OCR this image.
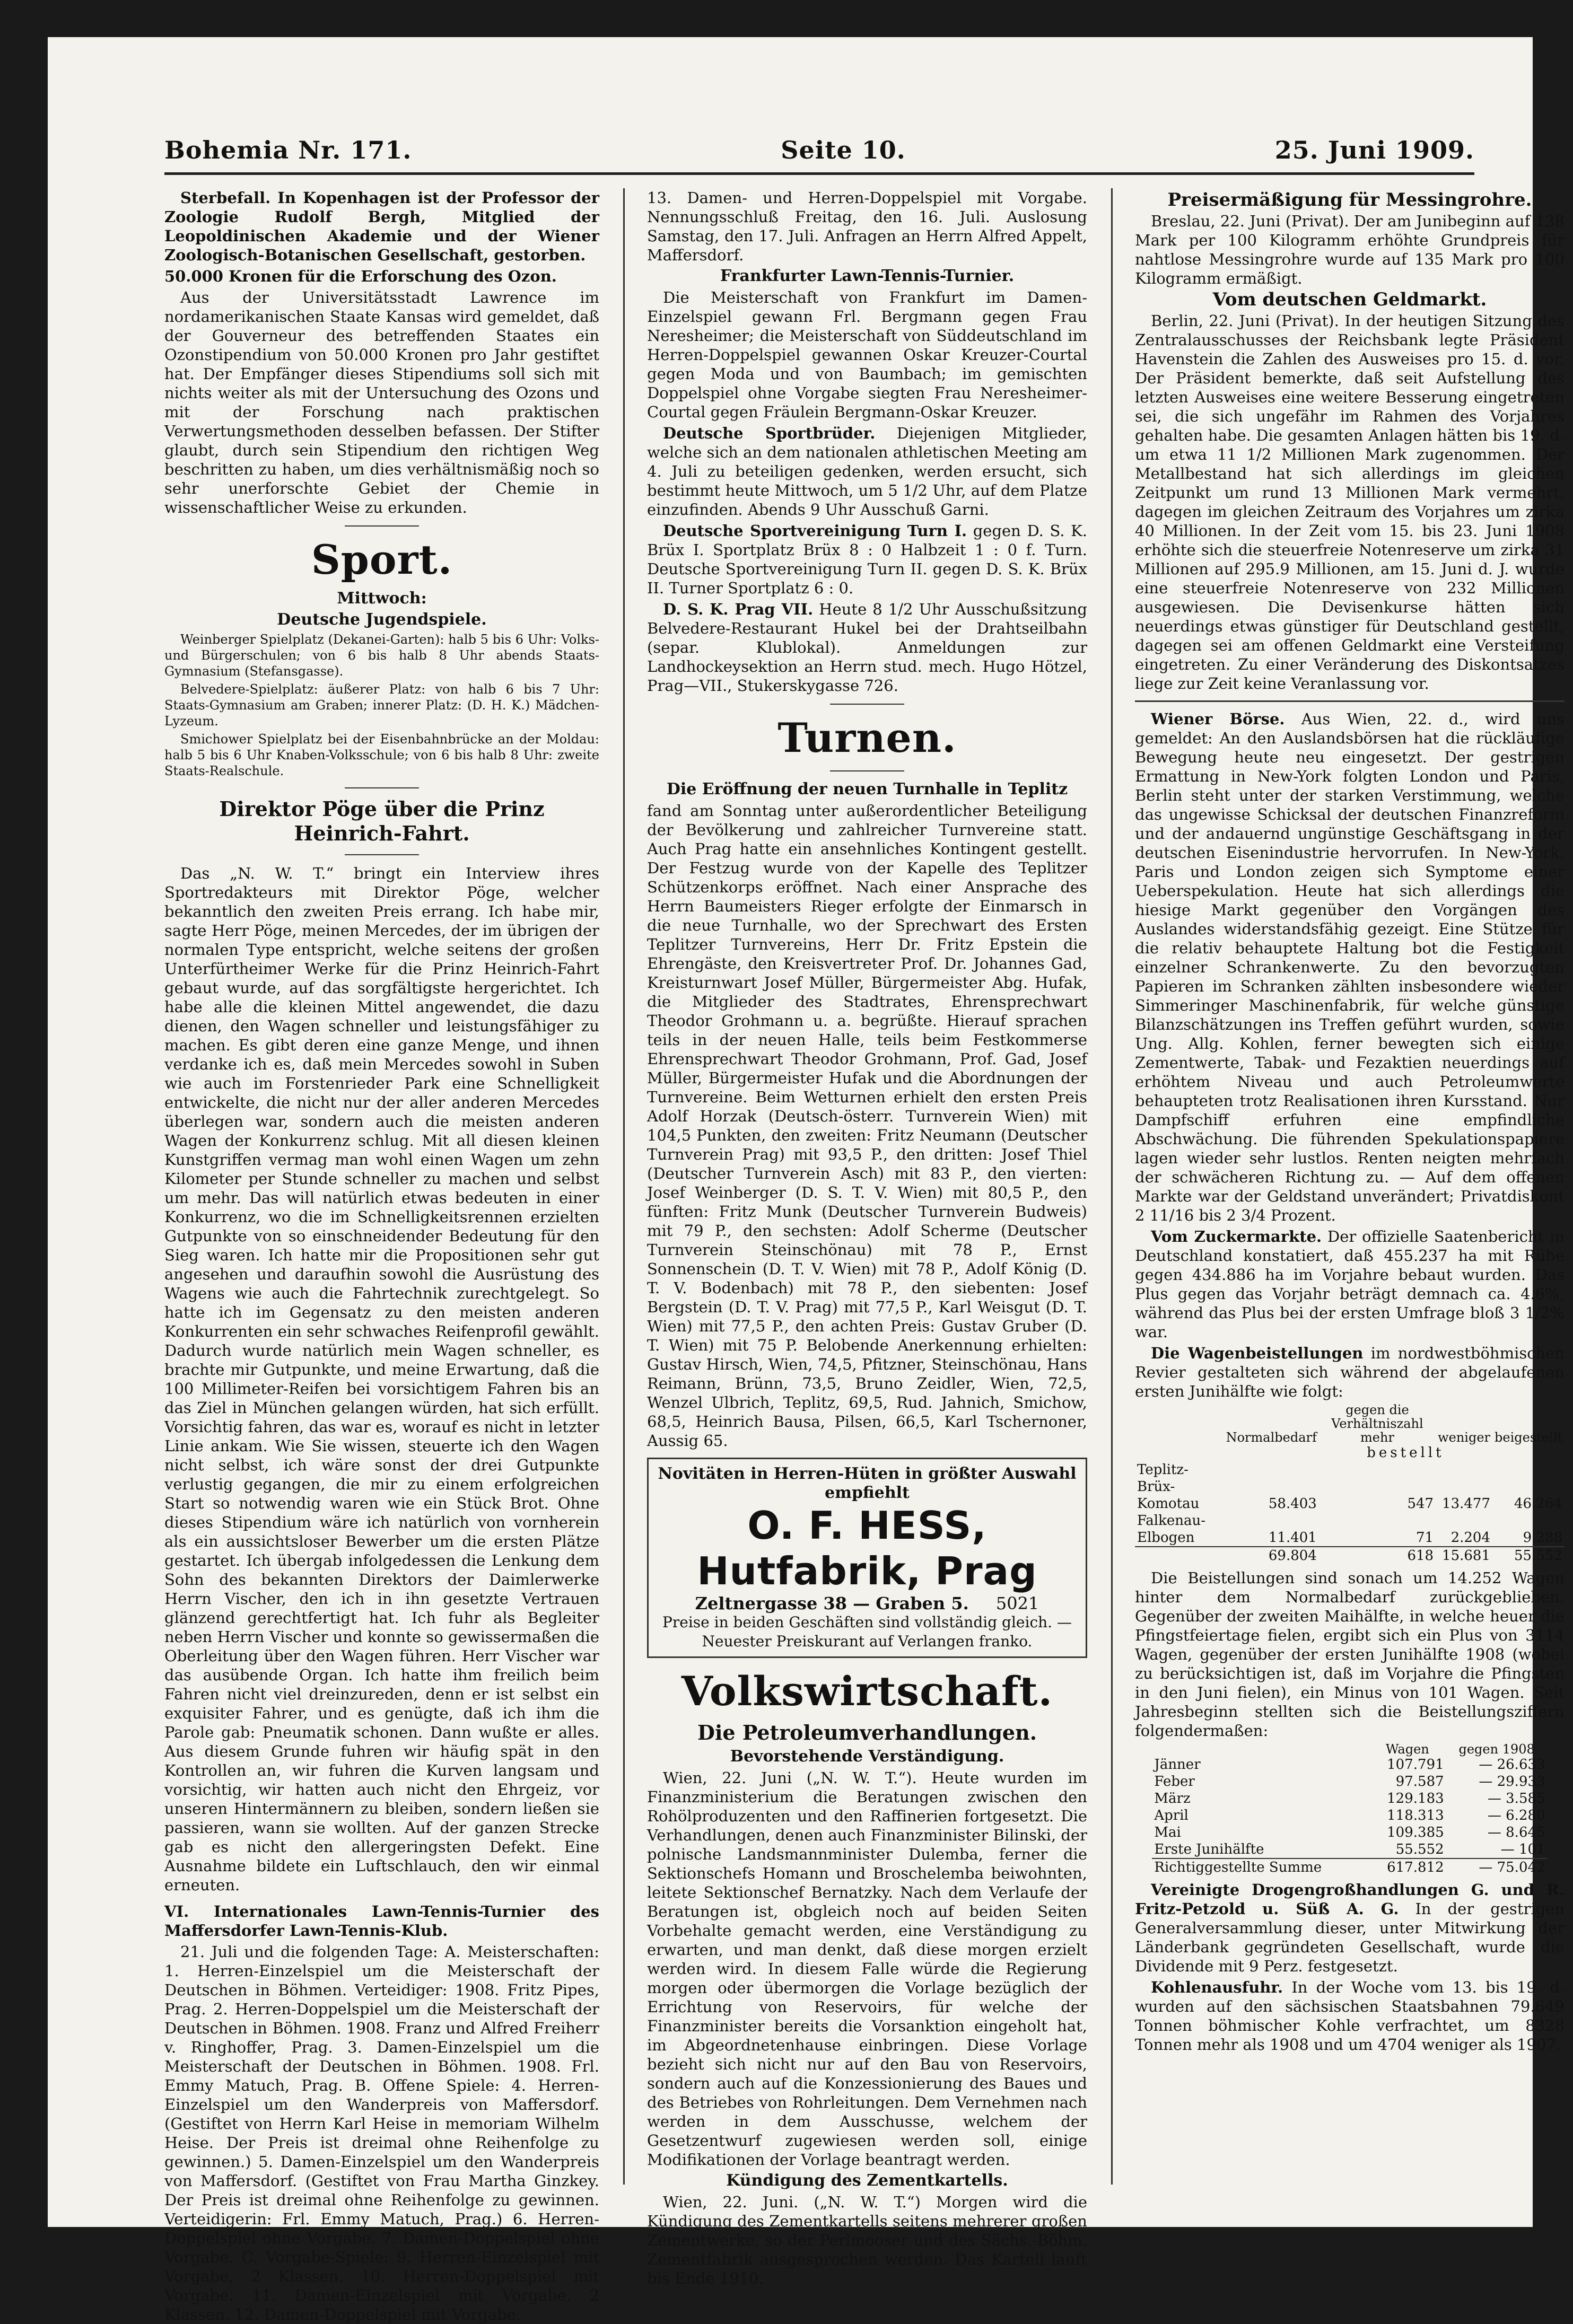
Bohemia Nr. 171.	Seite 10.	25. Juni 1909.

Sterbefall. In Kopenhagen ist der Professor der Zoologie Rudolf Bergh, Mitglied der Leopoldinischen Akademie und der Wiener Zoologisch-Botanischen Gesellschaft, gestorben.

50.000 Kronen für die Erforschung des Ozon.

Aus der Universitätsstadt Lawrence im nordamerikanischen Staate Kansas wird gemeldet, daß der Gouverneur des betreffenden Staates ein Ozonstipendium von 50.000 Kronen pro Jahr gestiftet hat. Der Empfänger dieses Stipendiums soll sich mit nichts weiter als mit der Untersuchung des Ozons und mit der Forschung nach praktischen Verwertungsmethoden desselben befassen. Der Stifter glaubt, durch sein Stipendium den richtigen Weg beschritten zu haben, um dies verhältnismäßig noch so sehr unerforschte Gebiet der Chemie in wissenschaftlicher Weise zu erkunden.

Sport.
Mittwoch:
Deutsche Jugendspiele.

Weinberger Spielplatz (Dekanei-Garten): halb 5 bis 6 Uhr: Volks- und Bürgerschulen; von 6 bis halb 8 Uhr abends Staats-Gymnasium (Stefansgasse).

Belvedere-Spielplatz: äußerer Platz: von halb 6 bis 7 Uhr: Staats-Gymnasium am Graben; innerer Platz: (D. H. K.) Mädchen-Lyzeum.

Smichower Spielplatz bei der Eisenbahnbrücke an der Moldau: halb 5 bis 6 Uhr Knaben-Volksschule; von 6 bis halb 8 Uhr: zweite Staats-Realschule.

Direktor Pöge über die Prinz Heinrich-Fahrt.

Das „N. W. T.“ bringt ein Interview ihres Sportredakteurs mit Direktor Pöge, welcher bekanntlich den zweiten Preis errang. Ich habe mir, sagte Herr Pöge, meinen Mercedes, der im übrigen der normalen Type entspricht, welche seitens der großen Unterfürtheimer Werke für die Prinz Heinrich-Fahrt gebaut wurde, auf das sorgfältigste hergerichtet. Ich habe alle die kleinen Mittel angewendet, die dazu dienen, den Wagen schneller und leistungsfähiger zu machen. Es gibt deren eine ganze Menge, und ihnen verdanke ich es, daß mein Mercedes sowohl in Suben wie auch im Forstenrieder Park eine Schnelligkeit entwickelte, die nicht nur der aller anderen Mercedes überlegen war, sondern auch die meisten anderen Wagen der Konkurrenz schlug. Mit all diesen kleinen Kunstgriffen vermag man wohl einen Wagen um zehn Kilometer per Stunde schneller zu machen und selbst um mehr. Das will natürlich etwas bedeuten in einer Konkurrenz, wo die im Schnelligkeitsrennen erzielten Gutpunkte von so einschneidender Bedeutung für den Sieg waren. Ich hatte mir die Propositionen sehr gut angesehen und daraufhin sowohl die Ausrüstung des Wagens wie auch die Fahrtechnik zurechtgelegt. So hatte ich im Gegensatz zu den meisten anderen Konkurrenten ein sehr schwaches Reifenprofil gewählt. Dadurch wurde natürlich mein Wagen schneller, es brachte mir Gutpunkte, und meine Erwartung, daß die 100 Millimeter-Reifen bei vorsichtigem Fahren bis an das Ziel in München gelangen würden, hat sich erfüllt. Vorsichtig fahren, das war es, worauf es nicht in letzter Linie ankam. Wie Sie wissen, steuerte ich den Wagen nicht selbst, ich wäre sonst der drei Gutpunkte verlustig gegangen, die mir zu einem erfolgreichen Start so notwendig waren wie ein Stück Brot. Ohne dieses Stipendium wäre ich natürlich von vornherein als ein aussichtsloser Bewerber um die ersten Plätze gestartet. Ich übergab infolgedessen die Lenkung dem Sohn des bekannten Direktors der Daimlerwerke Herrn Vischer, den ich in ihn gesetzte Vertrauen glänzend gerechtfertigt hat. Ich fuhr als Begleiter neben Herrn Vischer und konnte so gewissermaßen die Oberleitung über den Wagen führen. Herr Vischer war das ausübende Organ. Ich hatte ihm freilich beim Fahren nicht viel dreinzureden, denn er ist selbst ein exquisiter Fahrer, und es genügte, daß ich ihm die Parole gab: Pneumatik schonen. Dann wußte er alles. Aus diesem Grunde fuhren wir häufig spät in den Kontrollen an, wir fuhren die Kurven langsam und vorsichtig, wir hatten auch nicht den Ehrgeiz, vor unseren Hintermännern zu bleiben, sondern ließen sie passieren, wann sie wollten. Auf der ganzen Strecke gab es nicht den allergeringsten Defekt. Eine Ausnahme bildete ein Luftschlauch, den wir einmal erneuten.

VI. Internationales Lawn-Tennis-Turnier des Maffersdorfer Lawn-Tennis-Klub.

21. Juli und die folgenden Tage: A. Meisterschaften: 1. Herren-Einzelspiel um die Meisterschaft der Deutschen in Böhmen. Verteidiger: 1908. Fritz Pipes, Prag. 2. Herren-Doppelspiel um die Meisterschaft der Deutschen in Böhmen. 1908. Franz und Alfred Freiherr v. Ringhoffer, Prag. 3. Damen-Einzelspiel um die Meisterschaft der Deutschen in Böhmen. 1908. Frl. Emmy Matuch, Prag. B. Offene Spiele: 4. Herren-Einzelspiel um den Wanderpreis von Maffersdorf. (Gestiftet von Herrn Karl Heise in memoriam Wilhelm Heise. Der Preis ist dreimal ohne Reihenfolge zu gewinnen.) 5. Damen-Einzelspiel um den Wanderpreis von Maffersdorf. (Gestiftet von Frau Martha Ginzkey. Der Preis ist dreimal ohne Reihenfolge zu gewinnen. Verteidigerin: Frl. Emmy Matuch, Prag.) 6. Herren-Doppelspiel ohne Vorgabe. 7. Damen-Doppelspiel ohne Vorgabe. C. Vorgabe-Spiele: 9. Herren-Einzelspiel mit Vorgabe, 2 Klassen. 10. Herren-Doppelspiel mit Vorgabe. 11. Damen-Einzelspiel mit Vorgabe, 2 Klassen. 12. Damen-Doppelspiel mit Vorgabe.

13. Damen- und Herren-Doppelspiel mit Vorgabe. Nennungsschluß Freitag, den 16. Juli. Auslosung Samstag, den 17. Juli. Anfragen an Herrn Alfred Appelt, Maffersdorf.

Frankfurter Lawn-Tennis-Turnier.

Die Meisterschaft von Frankfurt im Damen-Einzelspiel gewann Frl. Bergmann gegen Frau Neresheimer; die Meisterschaft von Süddeutschland im Herren-Doppelspiel gewannen Oskar Kreuzer-Courtal gegen Moda und von Baumbach; im gemischten Doppelspiel ohne Vorgabe siegten Frau Neresheimer-Courtal gegen Fräulein Bergmann-Oskar Kreuzer.

Deutsche Sportbrüder. Diejenigen Mitglieder, welche sich an dem nationalen athletischen Meeting am 4. Juli zu beteiligen gedenken, werden ersucht, sich bestimmt heute Mittwoch, um 5 1/2 Uhr, auf dem Platze einzufinden. Abends 9 Uhr Ausschuß Garni.

Deutsche Sportvereinigung Turn I. gegen D. S. K. Brüx I. Sportplatz Brüx 8 : 0 Halbzeit 1 : 0 f. Turn. Deutsche Sportvereinigung Turn II. gegen D. S. K. Brüx II. Turner Sportplatz 6 : 0.

D. S. K. Prag VII. Heute 8 1/2 Uhr Ausschußsitzung Belvedere-Restaurant Hukel bei der Drahtseilbahn (separ. Klublokal). Anmeldungen zur Landhockeysektion an Herrn stud. mech. Hugo Hötzel, Prag—VII., Stukerskygasse 726.

Turnen.
Die Eröffnung der neuen Turnhalle in Teplitz

fand am Sonntag unter außerordentlicher Beteiligung der Bevölkerung und zahlreicher Turnvereine statt. Auch Prag hatte ein ansehnliches Kontingent gestellt. Der Festzug wurde von der Kapelle des Teplitzer Schützenkorps eröffnet. Nach einer Ansprache des Herrn Baumeisters Rieger erfolgte der Einmarsch in die neue Turnhalle, wo der Sprechwart des Ersten Teplitzer Turnvereins, Herr Dr. Fritz Epstein die Ehrengäste, den Kreisvertreter Prof. Dr. Johannes Gad, Kreisturnwart Josef Müller, Bürgermeister Abg. Hufak, die Mitglieder des Stadtrates, Ehrensprechwart Theodor Grohmann u. a. begrüßte. Hierauf sprachen teils in der neuen Halle, teils beim Festkommerse Ehrensprechwart Theodor Grohmann, Prof. Gad, Josef Müller, Bürgermeister Hufak und die Abordnungen der Turnvereine. Beim Wetturnen erhielt den ersten Preis Adolf Horzak (Deutsch-österr. Turnverein Wien) mit 104,5 Punkten, den zweiten: Fritz Neumann (Deutscher Turnverein Prag) mit 93,5 P., den dritten: Josef Thiel (Deutscher Turnverein Asch) mit 83 P., den vierten: Josef Weinberger (D. S. T. V. Wien) mit 80,5 P., den fünften: Fritz Munk (Deutscher Turnverein Budweis) mit 79 P., den sechsten: Adolf Scherme (Deutscher Turnverein Steinschönau) mit 78 P., Ernst Sonnenschein (D. T. V. Wien) mit 78 P., Adolf König (D. T. V. Bodenbach) mit 78 P., den siebenten: Josef Bergstein (D. T. V. Prag) mit 77,5 P., Karl Weisgut (D. T. Wien) mit 77,5 P., den achten Preis: Gustav Gruber (D. T. Wien) mit 75 P. Belobende Anerkennung erhielten: Gustav Hirsch, Wien, 74,5, Pfitzner, Steinschönau, Hans Reimann, Brünn, 73,5, Bruno Zeidler, Wien, 72,5, Wenzel Ulbrich, Teplitz, 69,5, Rud. Jahnich, Smichow, 68,5, Heinrich Bausa, Pilsen, 66,5, Karl Tschernoner, Aussig 65.

Novitäten in Herren-Hüten in größter Auswahl empfiehlt
O. F. HESS, Hutfabrik, Prag
Zeltnergasse 38 — Graben 5. 5021
Preise in beiden Geschäften sind vollständig gleich. — Neuester Preiskurant auf Verlangen franko.
Volkswirtschaft.
Die Petroleumverhandlungen.
Bevorstehende Verständigung.

Wien, 22. Juni („N. W. T.“). Heute wurden im Finanzministerium die Beratungen zwischen den Rohölproduzenten und den Raffinerien fortgesetzt. Die Verhandlungen, denen auch Finanzminister Bilinski, der polnische Landsmannminister Dulemba, ferner die Sektionschefs Homann und Broschelemba beiwohnten, leitete Sektionschef Bernatzky. Nach dem Verlaufe der Beratungen ist, obgleich noch auf beiden Seiten Vorbehalte gemacht werden, eine Verständigung zu erwarten, und man denkt, daß diese morgen erzielt werden wird. In diesem Falle würde die Regierung morgen oder übermorgen die Vorlage bezüglich der Errichtung von Reservoirs, für welche der Finanzminister bereits die Vorsanktion eingeholt hat, im Abgeordnetenhause einbringen. Diese Vorlage bezieht sich nicht nur auf den Bau von Reservoirs, sondern auch auf die Konzessionierung des Baues und des Betriebes von Rohrleitungen. Dem Vernehmen nach werden in dem Ausschusse, welchem der Gesetzentwurf zugewiesen werden soll, einige Modifikationen der Vorlage beantragt werden.

Kündigung des Zementkartells.

Wien, 22. Juni. („N. W. T.“) Morgen wird die Kündigung des Zementkartells seitens mehrerer großen Zementwerke, so der Perlmooser und des Sächs.-Böhm. Zementfabrik ausgesprochen werden. Das Kartell lauft bis Ende 1910.

Preisermäßigung für Messingrohre.

Breslau, 22. Juni (Privat). Der am Junibeginn auf 138 Mark per 100 Kilogramm erhöhte Grundpreis für nahtlose Messingrohre wurde auf 135 Mark pro 100 Kilogramm ermäßigt.

Vom deutschen Geldmarkt.

Berlin, 22. Juni (Privat). In der heutigen Sitzung des Zentralausschusses der Reichsbank legte Präsident Havenstein die Zahlen des Ausweises pro 15. d. vor. Der Präsident bemerkte, daß seit Aufstellung des letzten Ausweises eine weitere Besserung eingetreten sei, die sich ungefähr im Rahmen des Vorjahres gehalten habe. Die gesamten Anlagen hätten bis 19. d. um etwa 11 1/2 Millionen Mark zugenommen. Der Metallbestand hat sich allerdings im gleichen Zeitpunkt um rund 13 Millionen Mark vermehrt, dagegen im gleichen Zeitraum des Vorjahres um zirka 40 Millionen. In der Zeit vom 15. bis 23. Juni 1908 erhöhte sich die steuerfreie Notenreserve um zirka 31 Millionen auf 295.9 Millionen, am 15. Juni d. J. wurde eine steuerfreie Notenreserve von 232 Millionen ausgewiesen. Die Devisenkurse hätten sich neuerdings etwas günstiger für Deutschland gestellt, dagegen sei am offenen Geldmarkt eine Versteifung eingetreten. Zu einer Veränderung des Diskontsatzes liege zur Zeit keine Veranlassung vor.

Wiener Börse. Aus Wien, 22. d., wird uns gemeldet: An den Auslandsbörsen hat die rückläufige Bewegung heute neu eingesetzt. Der gestrigen Ermattung in New-York folgten London und Paris, Berlin steht unter der starken Verstimmung, welche das ungewisse Schicksal der deutschen Finanzreform und der andauernd ungünstige Geschäftsgang in der deutschen Eisenindustrie hervorrufen. In New-York, Paris und London zeigen sich Symptome einer Ueberspekulation. Heute hat sich allerdings die hiesige Markt gegenüber den Vorgängen des Auslandes widerstandsfähig gezeigt. Eine Stütze für die relativ behauptete Haltung bot die Festigkeit einzelner Schrankenwerte. Zu den bevorzugten Papieren im Schranken zählten insbesondere wieder Simmeringer Maschinenfabrik, für welche günstige Bilanzschätzungen ins Treffen geführt wurden, sowie Ung. Allg. Kohlen, ferner bewegten sich einige Zementwerte, Tabak- und Fezaktien neuerdings auf erhöhtem Niveau und auch Petroleumwerte behaupteten trotz Realisationen ihren Kursstand. Nur Dampfschiff erfuhren eine empfindliche Abschwächung. Die führenden Spekulationspapiere lagen wieder sehr lustlos. Renten neigten mehrfach der schwächeren Richtung zu. — Auf dem offenen Markte war der Geldstand unverändert; Privatdiskont 2 11/16 bis 2 3/4 Prozent.

Vom Zuckermarkte. Der offizielle Saatenbericht in Deutschland konstatiert, daß 455.237 ha mit Rübe gegen 434.886 ha im Vorjahre bebaut wurden. Das Plus gegen das Vorjahr beträgt demnach ca. 4.6%, während das Plus bei der ersten Umfrage bloß 3 1/2% war.

Die Wagenbeistellungen im nordwestböhmischen Revier gestalteten sich während der abgelaufenen ersten Junihälfte wie folgt:

	Normalbedarf	gegen die Verhältniszahl mehr	weniger	beigestellt
		bestellt		
Teplitz-Brüx-Komotau	58.403	547	13.477	46.264
Falkenau-Elbogen	11.401	71	2.204	9.288
	69.804	618	15.681	55.552

Die Beistellungen sind sonach um 14.252 Wagen hinter dem Normalbedarf zurückgeblieben. Gegenüber der zweiten Maihälfte, in welche heuer die Pfingstfeiertage fielen, ergibt sich ein Plus von 3114 Wagen, gegenüber der ersten Junihälfte 1908 (wobei zu berücksichtigen ist, daß im Vorjahre die Pfingsten in den Juni fielen), ein Minus von 101 Wagen. Seit Jahresbeginn stellten sich die Beistellungsziffern folgendermaßen:

	Wagen	gegen 1908
Jänner	107.791	— 26.633
Feber	97.587	— 29.933
März	129.183	— 3.585
April	118.313	— 6.280
Mai	109.385	— 8.645
Erste Junihälfte	55.552	— 101
Richtiggestellte Summe	617.812	— 75.042

Vereinigte Drogengroßhandlungen G. und R. Fritz-Petzold u. Süß A. G. In der gestrigen Generalversammlung dieser, unter Mitwirkung der Länderbank gegründeten Gesellschaft, wurde die Dividende mit 9 Perz. festgesetzt.

Kohlenausfuhr. In der Woche vom 13. bis 19. d. wurden auf den sächsischen Staatsbahnen 79.649 Tonnen böhmischer Kohle verfrachtet, um 8328 Tonnen mehr als 1908 und um 4704 weniger als 1907.
